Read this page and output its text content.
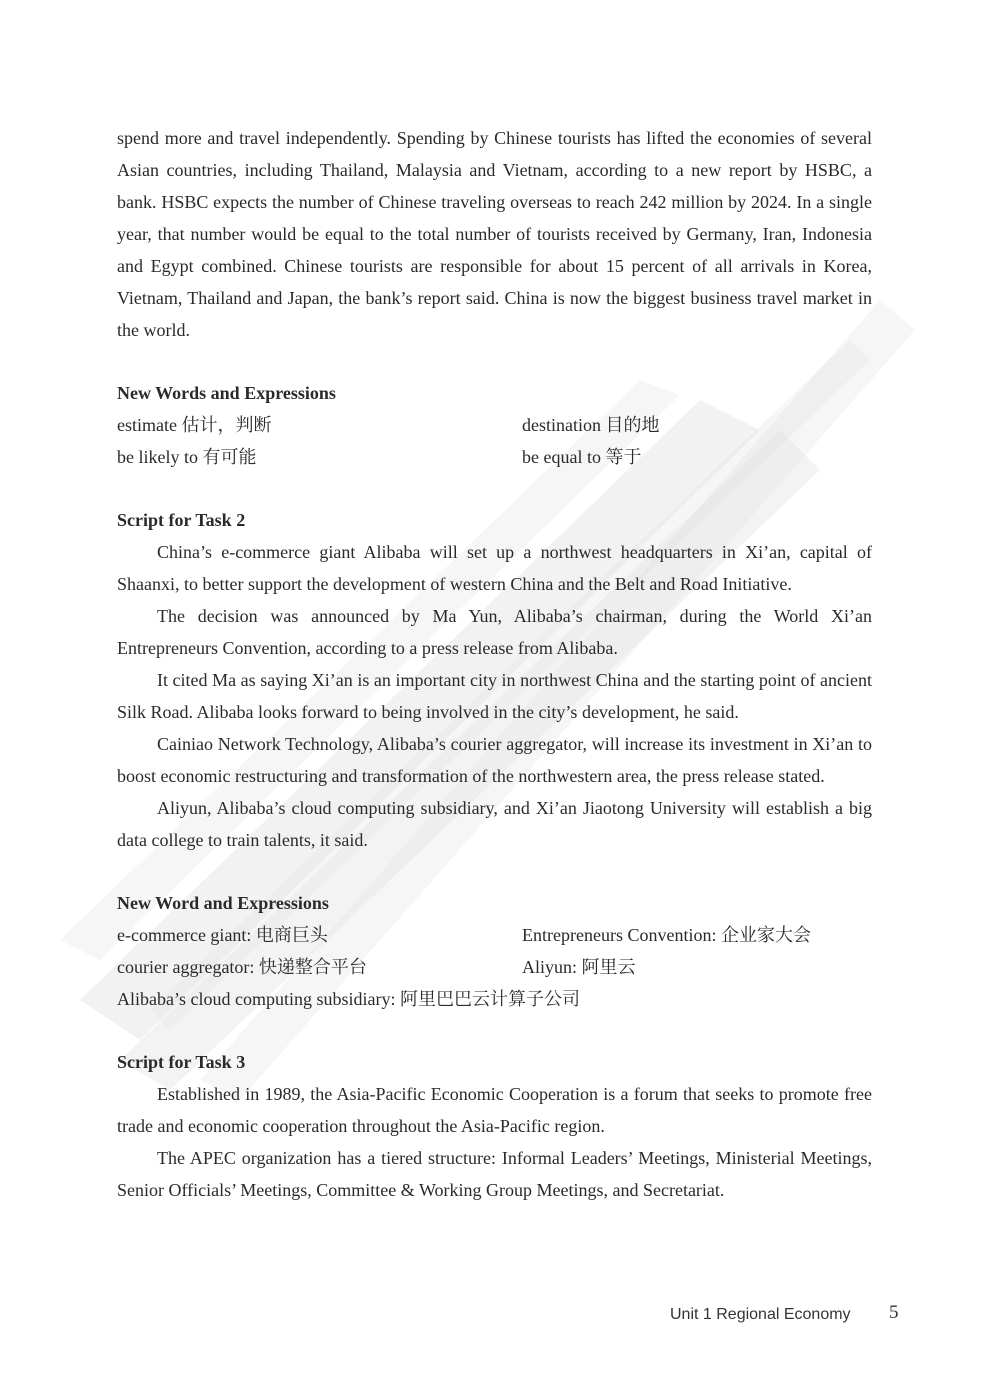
spend more and travel independently. Spending by Chinese tourists has lifted the economies of several Asian countries, including Thailand, Malaysia and Vietnam, according to a new report by HSBC, a bank. HSBC expects the number of Chinese traveling overseas to reach 242 million by 2024. In a single year, that number would be equal to the total number of tourists received by Germany, Iran, Indonesia and Egypt combined. Chinese tourists are responsible for about 15 percent of all arrivals in Korea, Vietnam, Thailand and Japan, the bank’s report said. China is now the biggest business travel market in the world.

New Words and Expressions
estimate 估计，判断	destination 目的地
be likely to 有可能	be equal to 等于
Script for Task 2

China’s e-commerce giant Alibaba will set up a northwest headquarters in Xi’an, capital of Shaanxi, to better support the development of western China and the Belt and Road Initiative.

The decision was announced by Ma Yun, Alibaba’s chairman, during the World Xi’an Entrepreneurs Convention, according to a press release from Alibaba.

It cited Ma as saying Xi’an is an important city in northwest China and the starting point of ancient Silk Road. Alibaba looks forward to being involved in the city’s development, he said.

Cainiao Network Technology, Alibaba’s courier aggregator, will increase its investment in Xi’an to boost economic restructuring and transformation of the northwestern area, the press release stated.

Aliyun, Alibaba’s cloud computing subsidiary, and Xi’an Jiaotong University will establish a big data college to train talents, it said.

New Word and Expressions
e-commerce giant: 电商巨头	Entrepreneurs Convention: 企业家大会
courier aggregator: 快递整合平台	Aliyun: 阿里云
Alibaba’s cloud computing subsidiary: 阿里巴巴云计算子公司
Script for Task 3

Established in 1989, the Asia-Pacific Economic Cooperation is a forum that seeks to promote free trade and economic cooperation throughout the Asia-Pacific region.

The APEC organization has a tiered structure: Informal Leaders’ Meetings, Ministerial Meetings, Senior Officials’ Meetings, Committee & Working Group Meetings, and Secretariat.

Unit 1 Regional Economy 5
